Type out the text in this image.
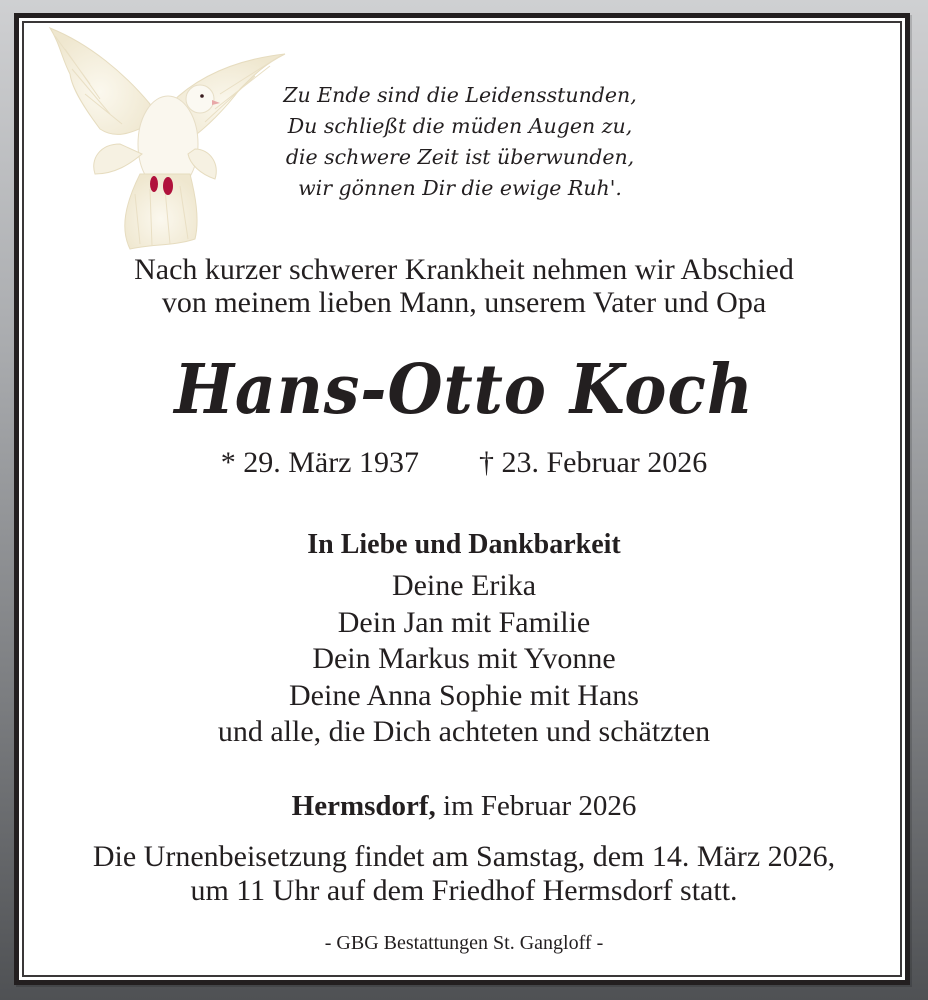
Zu Ende sind die Leidensstunden,
Du schließt die müden Augen zu,
die schwere Zeit ist überwunden,
wir gönnen Dir die ewige Ruh'.
Nach kurzer schwerer Krankheit nehmen wir Abschied
von meinem lieben Mann, unserem Vater und Opa
Hans-Otto Koch
* 29. März 1937 † 23. Februar 2026
In Liebe und Dankbarkeit
Deine Erika
Dein Jan mit Familie
Dein Markus mit Yvonne
Deine Anna Sophie mit Hans
und alle, die Dich achteten und schätzten
Hermsdorf, im Februar 2026
Die Urnenbeisetzung findet am Samstag, dem 14. März 2026,
um 11 Uhr auf dem Friedhof Hermsdorf statt.
- GBG Bestattungen St. Gangloff -
